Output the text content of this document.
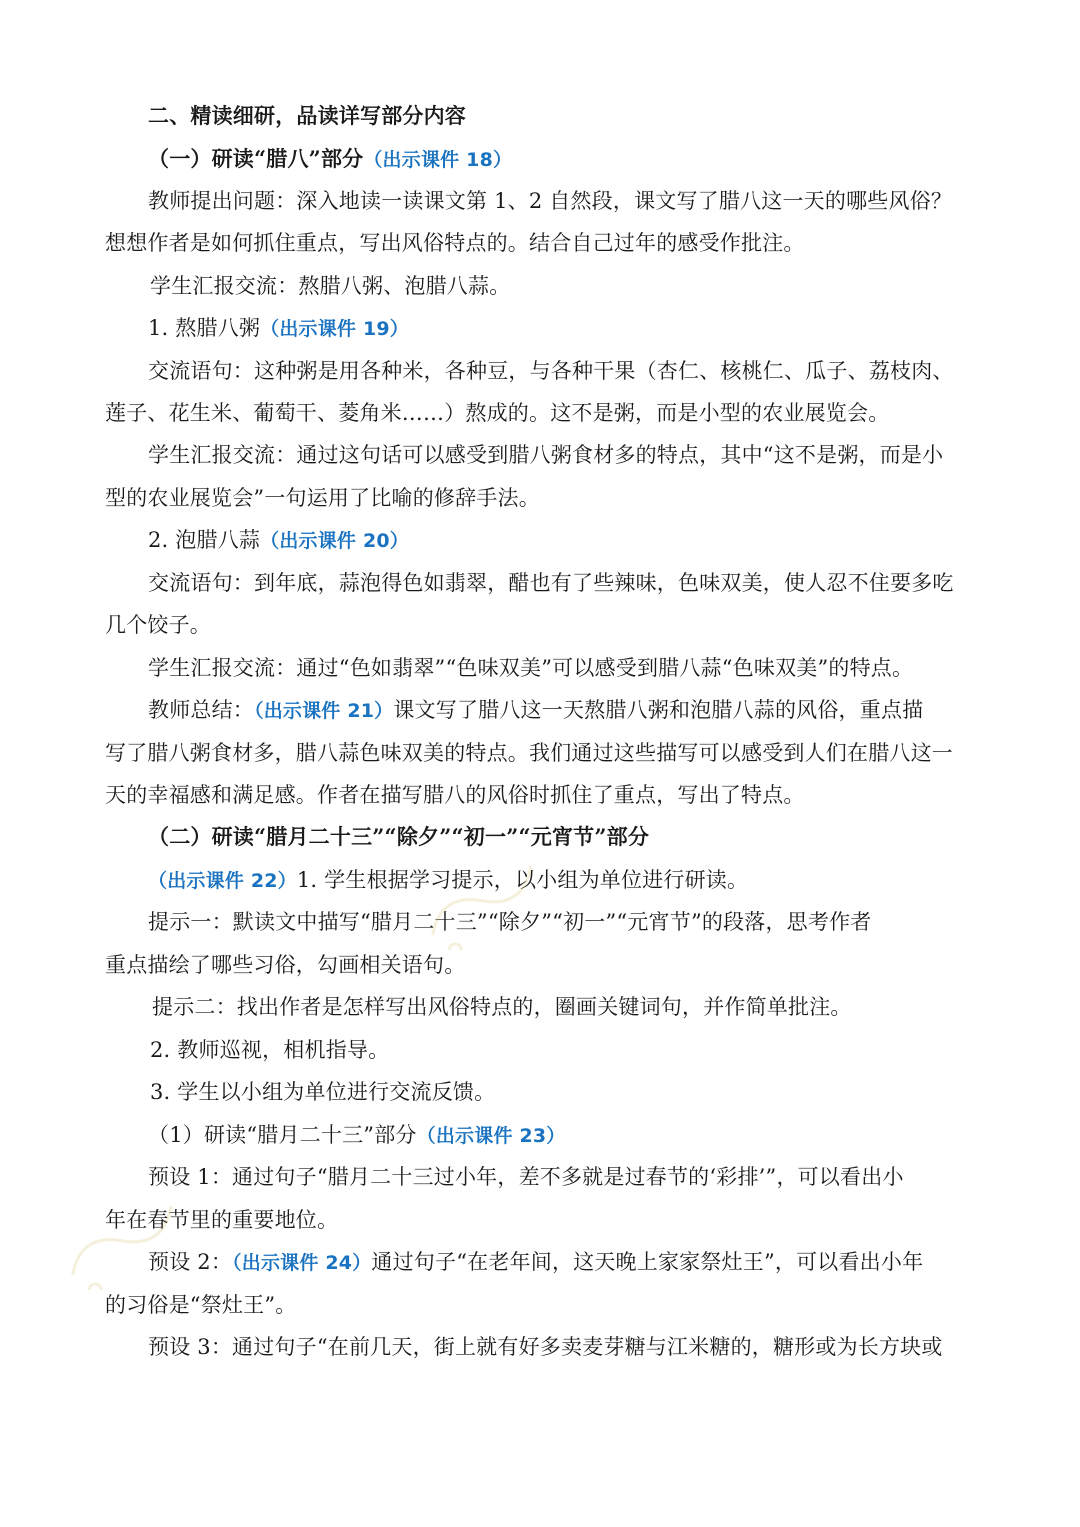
二、精读细研，品读详写部分内容
（一）研读“腊八”部分（出示课件 18）
教师提出问题：深入地读一读课文第 1、2 自然段，课文写了腊八这一天的哪些风俗？
想想作者是如何抓住重点，写出风俗特点的。结合自己过年的感受作批注。
学生汇报交流：熬腊八粥、泡腊八蒜。
1. 熬腊八粥（出示课件 19）
交流语句：这种粥是用各种米，各种豆，与各种干果（杏仁、核桃仁、瓜子、荔枝肉、
莲子、花生米、葡萄干、菱角米……）熬成的。这不是粥，而是小型的农业展览会。
学生汇报交流：通过这句话可以感受到腊八粥食材多的特点，其中“这不是粥，而是小
型的农业展览会”一句运用了比喻的修辞手法。
2. 泡腊八蒜（出示课件 20）
交流语句：到年底，蒜泡得色如翡翠，醋也有了些辣味，色味双美，使人忍不住要多吃
几个饺子。
学生汇报交流：通过“色如翡翠”“色味双美”可以感受到腊八蒜“色味双美”的特点。
教师总结：（出示课件 21）课文写了腊八这一天熬腊八粥和泡腊八蒜的风俗，重点描
写了腊八粥食材多，腊八蒜色味双美的特点。我们通过这些描写可以感受到人们在腊八这一
天的幸福感和满足感。作者在描写腊八的风俗时抓住了重点，写出了特点。
（二）研读“腊月二十三”“除夕”“初一”“元宵节”部分
（出示课件 22）1. 学生根据学习提示，以小组为单位进行研读。
提示一：默读文中描写“腊月二十三”“除夕”“初一”“元宵节”的段落，思考作者
重点描绘了哪些习俗，勾画相关语句。
提示二：找出作者是怎样写出风俗特点的，圈画关键词句，并作简单批注。
2. 教师巡视，相机指导。
3. 学生以小组为单位进行交流反馈。
（1）研读“腊月二十三”部分（出示课件 23）
预设 1：通过句子“腊月二十三过小年，差不多就是过春节的‘彩排’”，可以看出小
年在春节里的重要地位。
预设 2：（出示课件 24）通过句子“在老年间，这天晚上家家祭灶王”，可以看出小年
的习俗是“祭灶王”。
预设 3：通过句子“在前几天，街上就有好多卖麦芽糖与江米糖的，糖形或为长方块或
